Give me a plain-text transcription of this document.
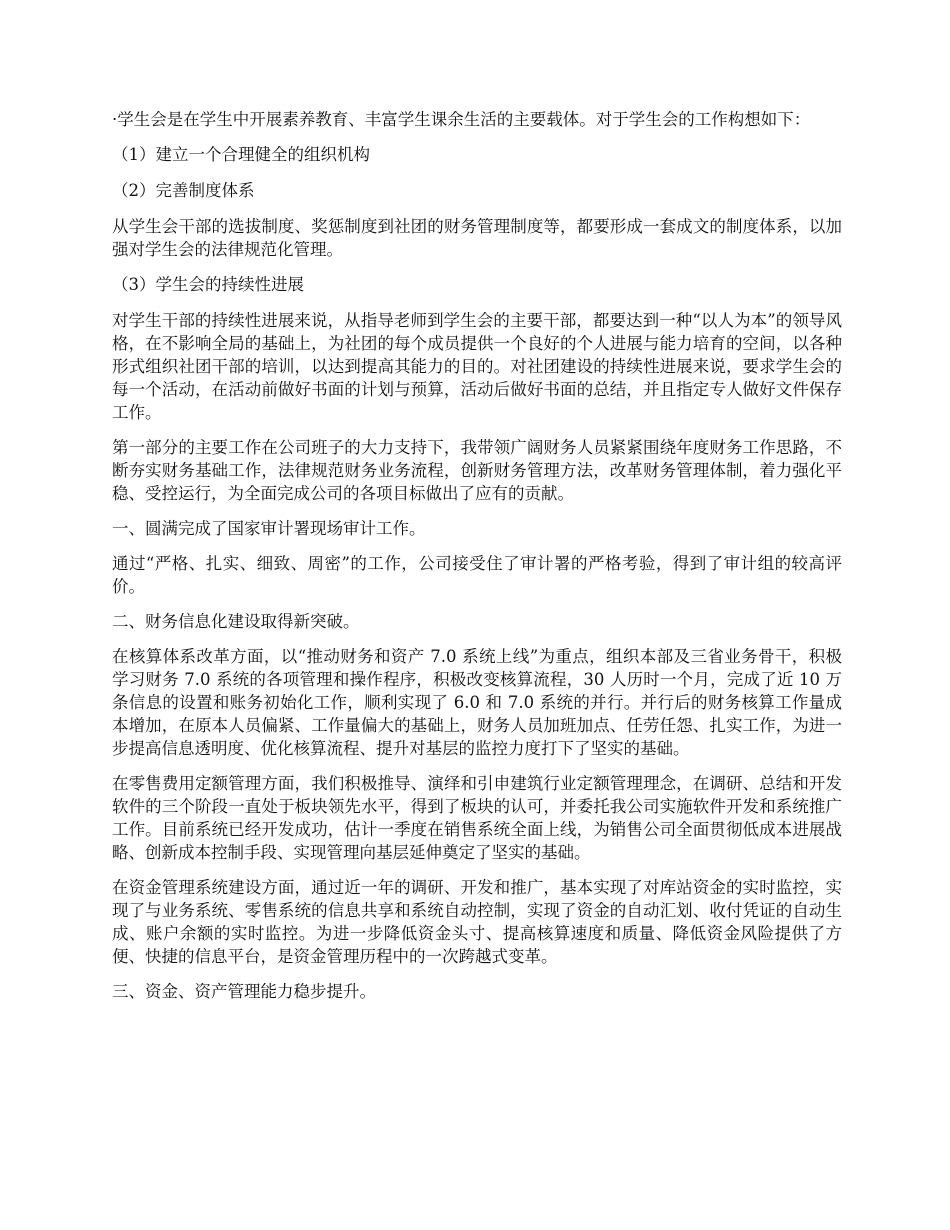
·学生会是在学生中开展素养教育、丰富学生课余生活的主要载体。对于学生会的工作构想如下：

（1）建立一个合理健全的组织机构

（2）完善制度体系

从学生会干部的选拔制度、奖惩制度到社团的财务管理制度等，都要形成一套成文的制度体系，以加强对学生会的法律规范化管理。

（3）学生会的持续性进展

对学生干部的持续性进展来说，从指导老师到学生会的主要干部，都要达到一种“以人为本”的领导风格，在不影响全局的基础上，为社团的每个成员提供一个良好的个人进展与能力培育的空间，以各种形式组织社团干部的培训，以达到提高其能力的目的。对社团建设的持续性进展来说，要求学生会的每一个活动，在活动前做好书面的计划与预算，活动后做好书面的总结，并且指定专人做好文件保存工作。

第一部分的主要工作在公司班子的大力支持下，我带领广阔财务人员紧紧围绕年度财务工作思路，不断夯实财务基础工作，法律规范财务业务流程，创新财务管理方法，改革财务管理体制，着力强化平稳、受控运行，为全面完成公司的各项目标做出了应有的贡献。

一、圆满完成了国家审计署现场审计工作。

通过“严格、扎实、细致、周密”的工作，公司接受住了审计署的严格考验，得到了审计组的较高评价。

二、财务信息化建设取得新突破。

在核算体系改革方面，以“推动财务和资产 7.0 系统上线”为重点，组织本部及三省业务骨干，积极学习财务 7.0 系统的各项管理和操作程序，积极改变核算流程，30 人历时一个月，完成了近 10 万条信息的设置和账务初始化工作，顺利实现了 6.0 和 7.0 系统的并行。并行后的财务核算工作量成本增加，在原本人员偏紧、工作量偏大的基础上，财务人员加班加点、任劳任怨、扎实工作，为进一步提高信息透明度、优化核算流程、提升对基层的监控力度打下了坚实的基础。

在零售费用定额管理方面，我们积极推导、演绎和引申建筑行业定额管理理念，在调研、总结和开发软件的三个阶段一直处于板块领先水平，得到了板块的认可，并委托我公司实施软件开发和系统推广工作。目前系统已经开发成功，估计一季度在销售系统全面上线，为销售公司全面贯彻低成本进展战略、创新成本控制手段、实现管理向基层延伸奠定了坚实的基础。

在资金管理系统建设方面，通过近一年的调研、开发和推广，基本实现了对库站资金的实时监控，实现了与业务系统、零售系统的信息共享和系统自动控制，实现了资金的自动汇划、收付凭证的自动生成、账户余额的实时监控。为进一步降低资金头寸、提高核算速度和质量、降低资金风险提供了方便、快捷的信息平台，是资金管理历程中的一次跨越式变革。

三、资金、资产管理能力稳步提升。
